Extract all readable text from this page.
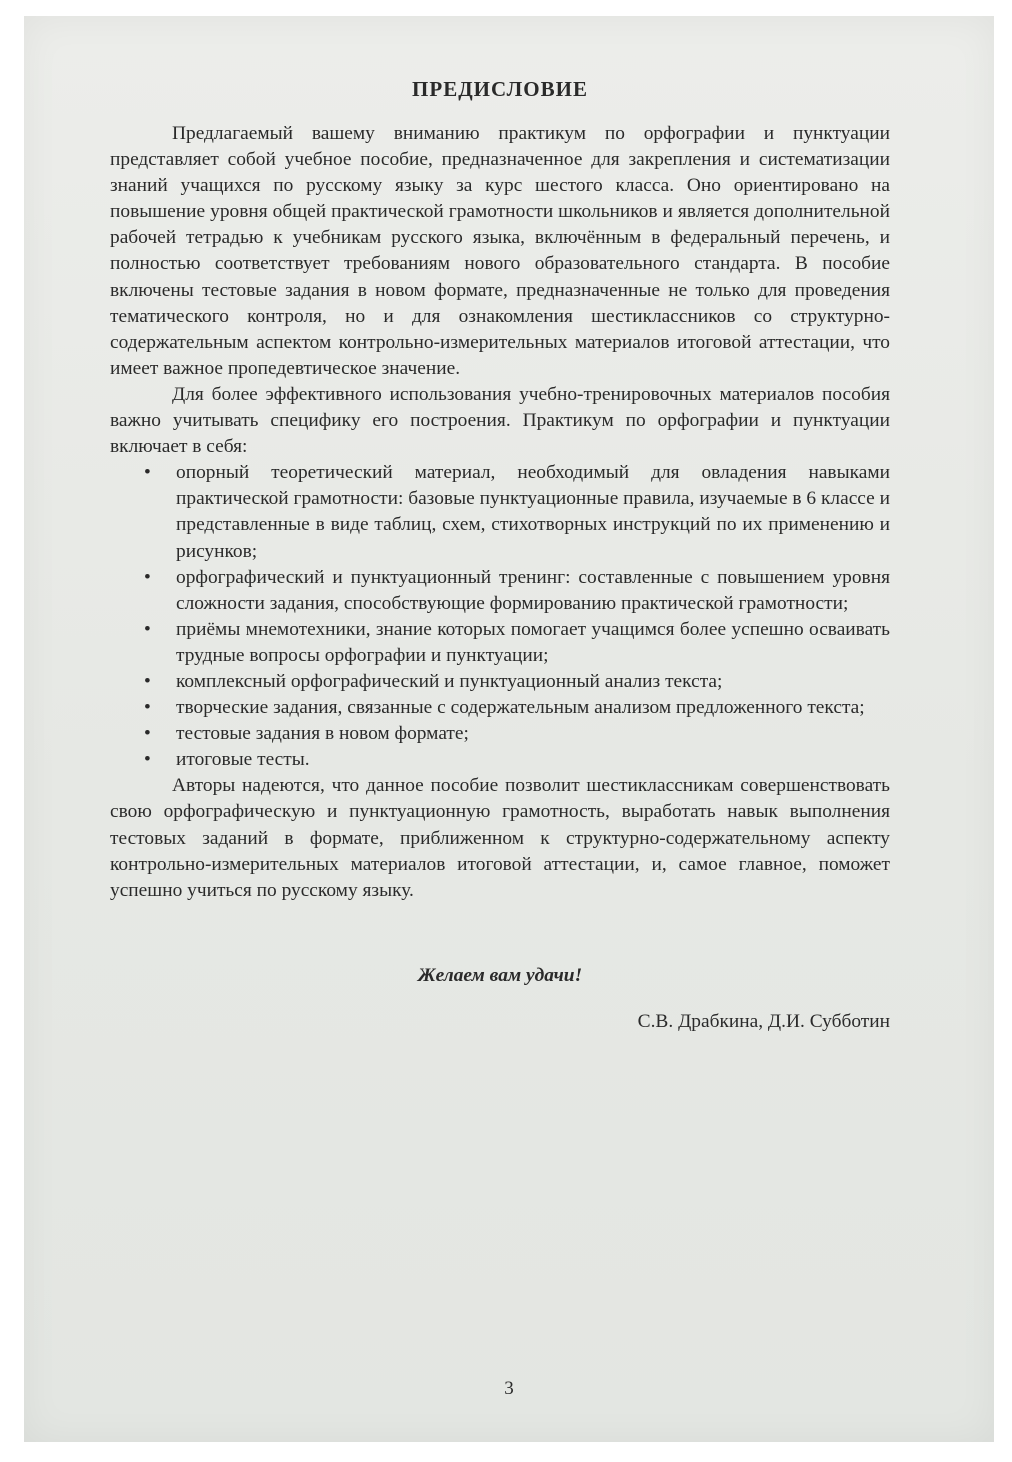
ПРЕДИСЛОВИЕ

Предлагаемый вашему вниманию практикум по орфографии и пунктуации представляет собой учебное пособие, предназначенное для закрепления и систематизации знаний учащихся по русскому языку за курс шестого класса. Оно ориентировано на повышение уровня общей практической грамотности школьников и является дополнительной рабочей тетрадью к учебникам русского языка, включённым в федеральный перечень, и полностью соответствует требованиям нового образовательного стандарта. В пособие включены тестовые задания в новом формате, предназначенные не только для проведения тематического контроля, но и для ознакомления шестиклассников со структурно-содержательным аспектом контрольно-измерительных материалов итоговой аттестации, что имеет важное пропедевтическое значение.

Для более эффективного использования учебно-тренировочных материалов пособия важно учитывать специфику его построения. Практикум по орфографии и пунктуации включает в себя:

• опорный теоретический материал, необходимый для овладения навыками практической грамотности: базовые пунктуационные правила, изучаемые в 6 классе и представленные в виде таблиц, схем, стихотворных инструкций по их применению и рисунков;
• орфографический и пунктуационный тренинг: составленные с повышением уровня сложности задания, способствующие формированию практической грамотности;
• приёмы мнемотехники, знание которых помогает учащимся более успешно осваивать трудные вопросы орфографии и пунктуации;
• комплексный орфографический и пунктуационный анализ текста;
• творческие задания, связанные с содержательным анализом предложенного текста;
• тестовые задания в новом формате;
• итоговые тесты.

Авторы надеются, что данное пособие позволит шестиклассникам совершенствовать свою орфографическую и пунктуационную грамотность, выработать навык выполнения тестовых заданий в формате, приближенном к структурно-содержательному аспекту контрольно-измерительных материалов итоговой аттестации, и, самое главное, поможет успешно учиться по русскому языку.

Желаем вам удачи!

С.В. Драбкина, Д.И. Субботин

3
